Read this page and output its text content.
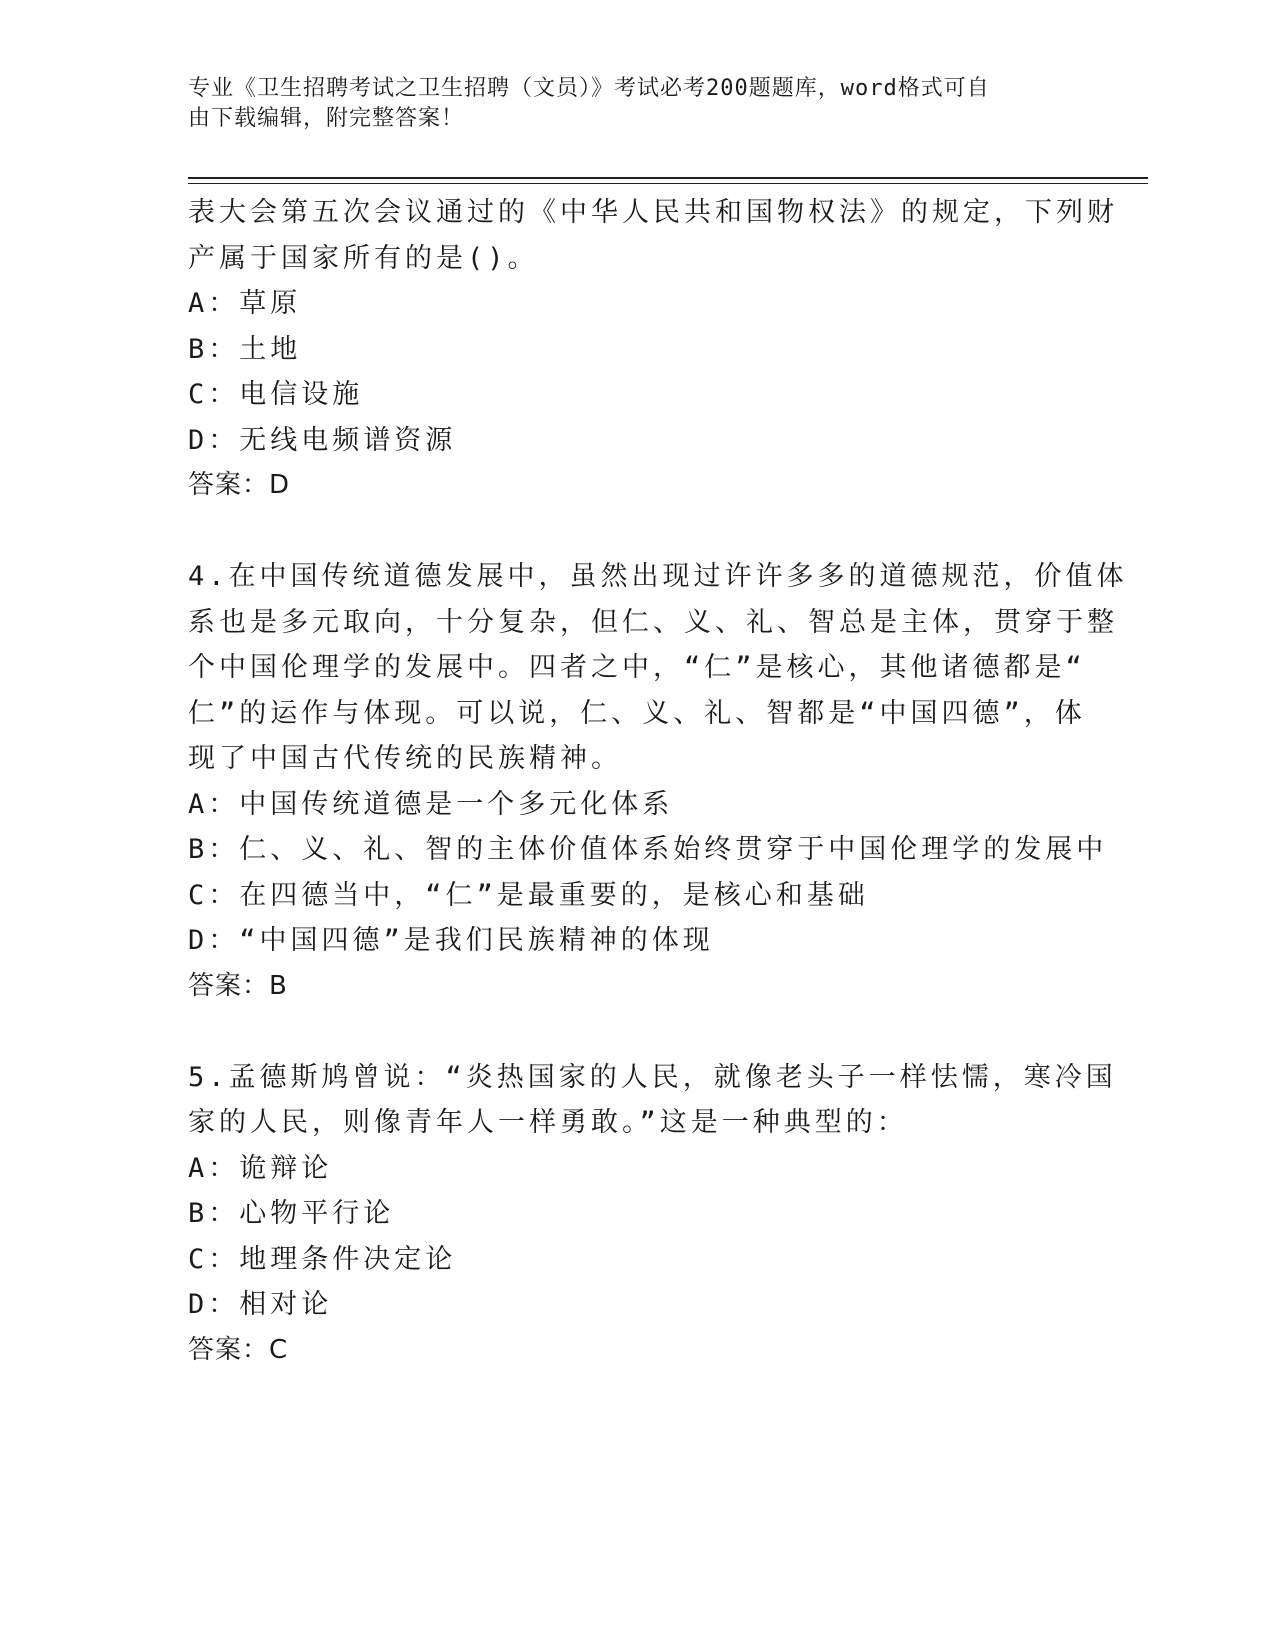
专业《卫生招聘考试之卫生招聘（文员）》考试必考200题题库，word格式可自
由下载编辑，附完整答案！
表大会第五次会议通过的《中华人民共和国物权法》的规定，下列财
产属于国家所有的是()。
A：草原
B：土地
C：电信设施
D：无线电频谱资源
答案：D
4.在中国传统道德发展中，虽然出现过许许多多的道德规范，价值体
系也是多元取向，十分复杂，但仁、义、礼、智总是主体，贯穿于整
个中国伦理学的发展中。四者之中，“仁”是核心，其他诸德都是“
仁”的运作与体现。可以说，仁、义、礼、智都是“中国四德”，体
现了中国古代传统的民族精神。
A：中国传统道德是一个多元化体系
B：仁、义、礼、智的主体价值体系始终贯穿于中国伦理学的发展中
C：在四德当中，“仁”是最重要的，是核心和基础
D：“中国四德”是我们民族精神的体现
答案：B
5.孟德斯鸠曾说：“炎热国家的人民，就像老头子一样怯懦，寒冷国
家的人民，则像青年人一样勇敢。”这是一种典型的：
A：诡辩论
B：心物平行论
C：地理条件决定论
D：相对论
答案：C
